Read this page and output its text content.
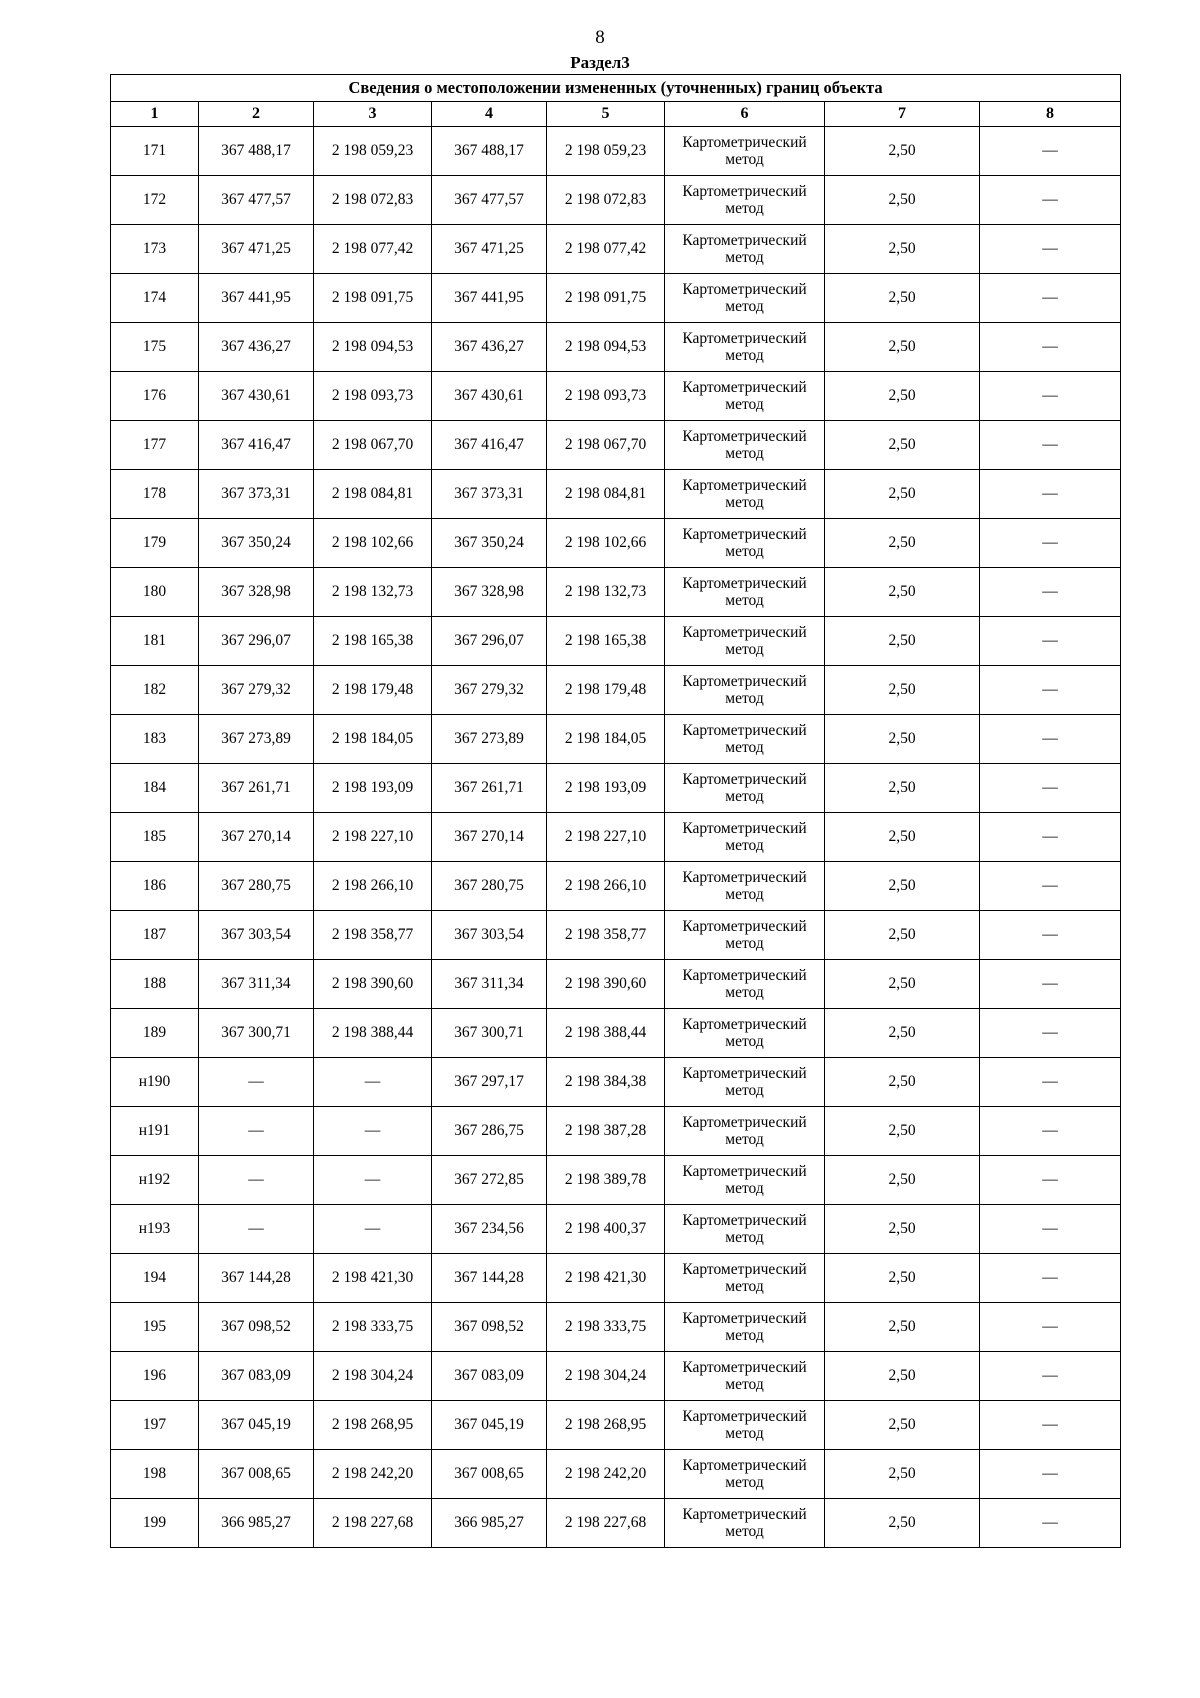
8
Раздел3
Сведения о местоположении измененных (уточненных) границ объекта							
1	2	3	4	5	6	7	8
171	367 488,17	2 198 059,23	367 488,17	2 198 059,23	Картометрический метод	2,50	—
172	367 477,57	2 198 072,83	367 477,57	2 198 072,83	Картометрический метод	2,50	—
173	367 471,25	2 198 077,42	367 471,25	2 198 077,42	Картометрический метод	2,50	—
174	367 441,95	2 198 091,75	367 441,95	2 198 091,75	Картометрический метод	2,50	—
175	367 436,27	2 198 094,53	367 436,27	2 198 094,53	Картометрический метод	2,50	—
176	367 430,61	2 198 093,73	367 430,61	2 198 093,73	Картометрический метод	2,50	—
177	367 416,47	2 198 067,70	367 416,47	2 198 067,70	Картометрический метод	2,50	—
178	367 373,31	2 198 084,81	367 373,31	2 198 084,81	Картометрический метод	2,50	—
179	367 350,24	2 198 102,66	367 350,24	2 198 102,66	Картометрический метод	2,50	—
180	367 328,98	2 198 132,73	367 328,98	2 198 132,73	Картометрический метод	2,50	—
181	367 296,07	2 198 165,38	367 296,07	2 198 165,38	Картометрический метод	2,50	—
182	367 279,32	2 198 179,48	367 279,32	2 198 179,48	Картометрический метод	2,50	—
183	367 273,89	2 198 184,05	367 273,89	2 198 184,05	Картометрический метод	2,50	—
184	367 261,71	2 198 193,09	367 261,71	2 198 193,09	Картометрический метод	2,50	—
185	367 270,14	2 198 227,10	367 270,14	2 198 227,10	Картометрический метод	2,50	—
186	367 280,75	2 198 266,10	367 280,75	2 198 266,10	Картометрический метод	2,50	—
187	367 303,54	2 198 358,77	367 303,54	2 198 358,77	Картометрический метод	2,50	—
188	367 311,34	2 198 390,60	367 311,34	2 198 390,60	Картометрический метод	2,50	—
189	367 300,71	2 198 388,44	367 300,71	2 198 388,44	Картометрический метод	2,50	—
н190	—	—	367 297,17	2 198 384,38	Картометрический метод	2,50	—
н191	—	—	367 286,75	2 198 387,28	Картометрический метод	2,50	—
н192	—	—	367 272,85	2 198 389,78	Картометрический метод	2,50	—
н193	—	—	367 234,56	2 198 400,37	Картометрический метод	2,50	—
194	367 144,28	2 198 421,30	367 144,28	2 198 421,30	Картометрический метод	2,50	—
195	367 098,52	2 198 333,75	367 098,52	2 198 333,75	Картометрический метод	2,50	—
196	367 083,09	2 198 304,24	367 083,09	2 198 304,24	Картометрический метод	2,50	—
197	367 045,19	2 198 268,95	367 045,19	2 198 268,95	Картометрический метод	2,50	—
198	367 008,65	2 198 242,20	367 008,65	2 198 242,20	Картометрический метод	2,50	—
199	366 985,27	2 198 227,68	366 985,27	2 198 227,68	Картометрический метод	2,50	—
